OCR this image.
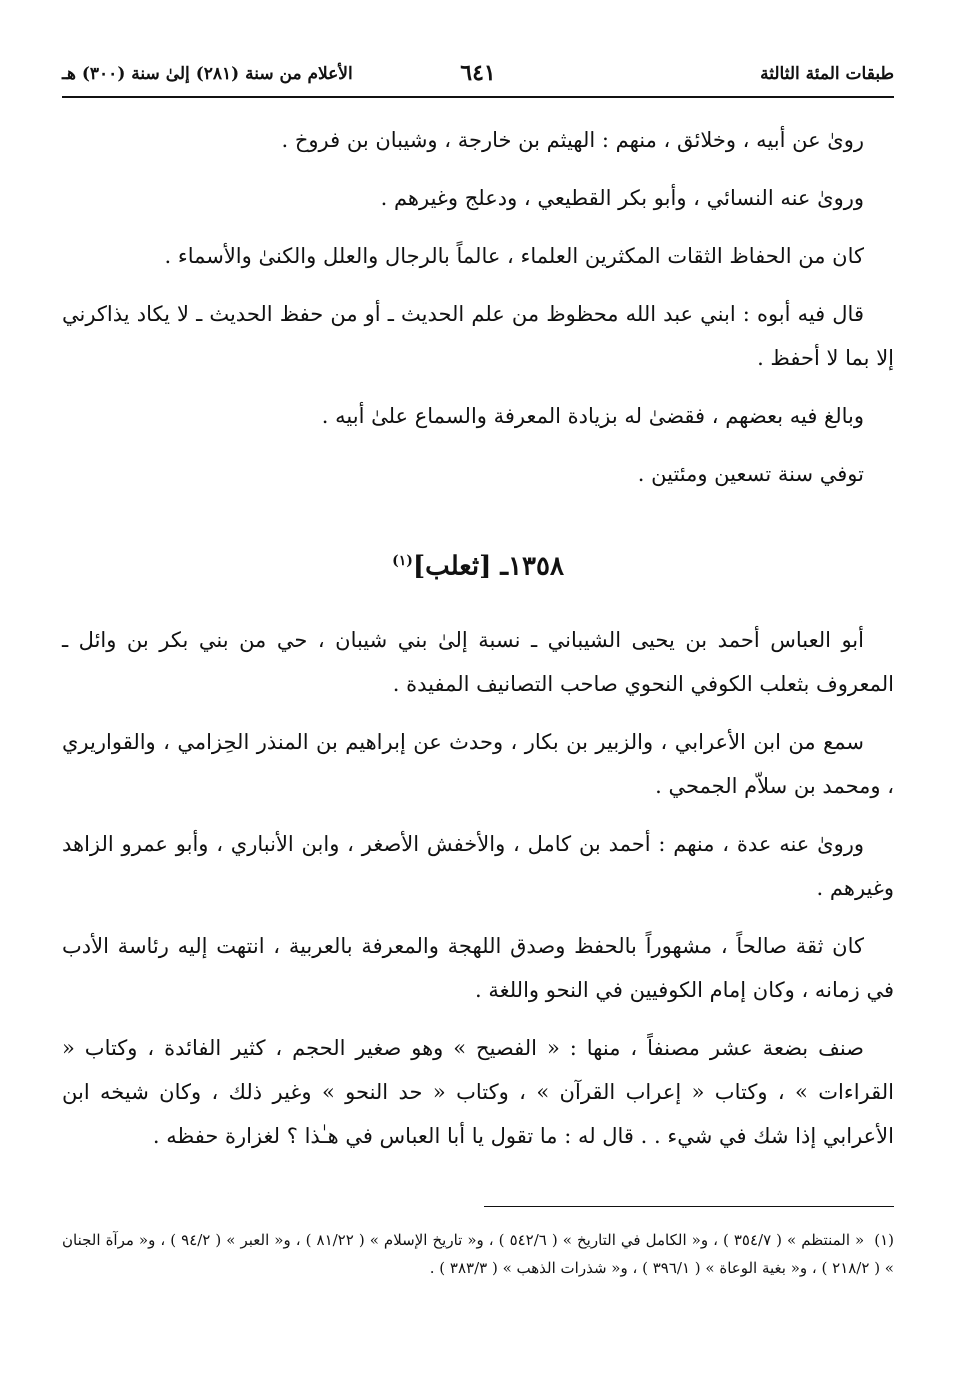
طبقات المئة الثالثة
٦٤١
الأعلام من سنة (٢٨١) إلىٰ سنة (٣٠٠) هـ

روىٰ عن أبيه ، وخلائق ، منهم : الهيثم بن خارجة ، وشيبان بن فروخ .

وروىٰ عنه النسائي ، وأبو بكر القطيعي ، ودعلج وغيرهم .

كان من الحفاظ الثقات المكثرين العلماء ، عالماً بالرجال والعلل والكنىٰ والأسماء .

قال فيه أبوه : ابني عبد الله محظوظ من علم الحديث ـ أو من حفظ الحديث ـ لا يكاد يذاكرني إلا بما لا أحفظ .

وبالغ فيه بعضهم ، فقضىٰ له بزيادة المعرفة والسماع علىٰ أبيه .

توفي سنة تسعين ومئتين .

١٣٥٨ـ [ثعلب]$^{(١)}$

أبو العباس أحمد بن يحيى الشيباني ـ نسبة إلىٰ بني شيبان ، حي من بني بكر بن وائل ـ المعروف بثعلب الكوفي النحوي صاحب التصانيف المفيدة .

سمع من ابن الأعرابي ، والزبير بن بكار ، وحدث عن إبراهيم بن المنذر الحِزامي ، والقواريري ، ومحمد بن سلاّم الجمحي .

وروىٰ عنه عدة ، منهم : أحمد بن كامل ، والأخفش الأصغر ، وابن الأنباري ، وأبو عمرو الزاهد وغيرهم .

كان ثقة صالحاً ، مشهوراً بالحفظ وصدق اللهجة والمعرفة بالعربية ، انتهت إليه رئاسة الأدب في زمانه ، وكان إمام الكوفيين في النحو واللغة .

صنف بضعة عشر مصنفاً ، منها : « الفصيح » وهو صغير الحجم ، كثير الفائدة ، وكتاب « القراءات » ، وكتاب « إعراب القرآن » ، وكتاب « حد النحو » وغير ذلك ، وكان شيخه ابن الأعرابي إذا شك في شيء . . قال له : ما تقول يا أبا العباس في هـٰذا ؟ لغزارة حفظه .

(١)« المنتظم » ( ٣٥٤/٧ ) ، و« الكامل في التاريخ » ( ٥٤٢/٦ ) ، و« تاريخ الإسلام » ( ٨١/٢٢ ) ، و« العبر » ( ٩٤/٢ ) ، و« مرآة الجنان » ( ٢١٨/٢ ) ، و« بغية الوعاة » ( ٣٩٦/١ ) ، و« شذرات الذهب » ( ٣٨٣/٣ ) .
